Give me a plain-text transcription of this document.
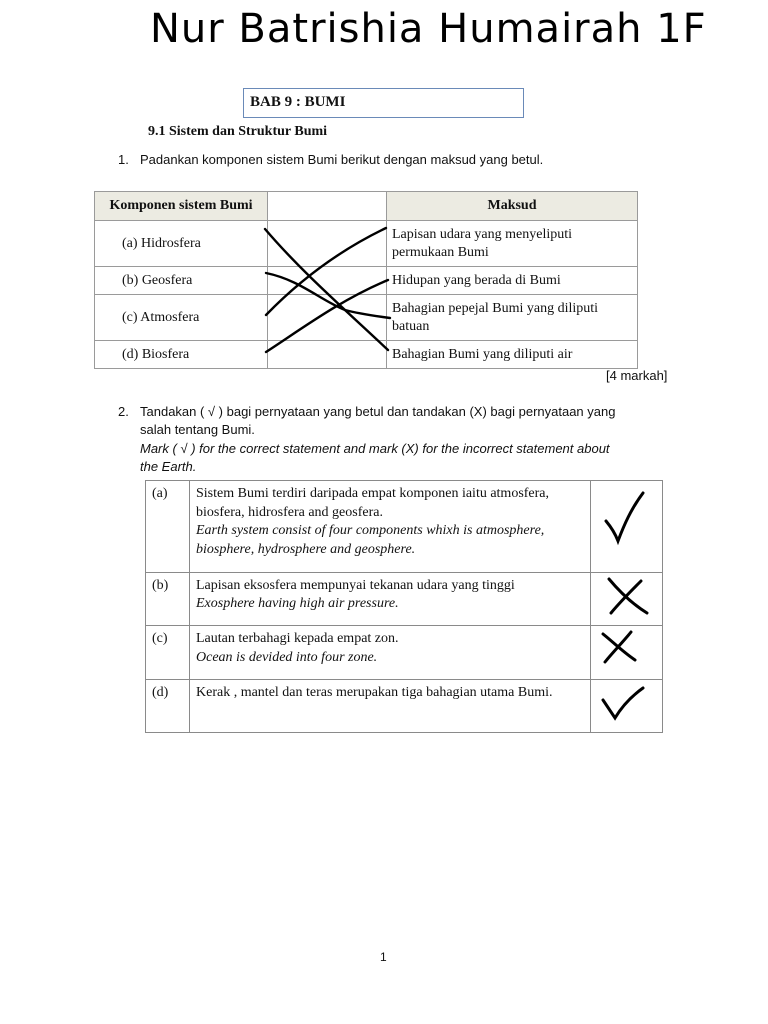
Nur Batrishia Humairah 1F
BAB 9 : BUMI
9.1 Sistem dan Struktur Bumi
1. Padankan komponen sistem Bumi berikut dengan maksud yang betul.
Komponen sistem Bumi		Maksud
(a) Hidrosfera		Lapisan udara yang menyeliputi permukaan Bumi
(b) Geosfera		Hidupan yang berada di Bumi
(c) Atmosfera		Bahagian pepejal Bumi yang diliputi batuan
(d) Biosfera		Bahagian Bumi yang diliputi air
[4 markah]
2. Tandakan ( √ ) bagi pernyataan yang betul dan tandakan (X) bagi pernyataan yang
salah tentang Bumi.
Mark ( √ ) for the correct statement and mark (X) for the incorrect statement about
the Earth.
(a)	Sistem Bumi terdiri daripada empat komponen iaitu atmosfera, biosfera, hidrosfera and geosfera.
Earth system consist of four components whixh is atmosphere, biosphere, hydrosphere and geosphere.	
(b)	Lapisan eksosfera mempunyai tekanan udara yang tinggi
Exosphere having high air pressure.	
(c)	Lautan terbahagi kepada empat zon.
Ocean is devided into four zone.	
(d)	Kerak , mantel dan teras merupakan tiga bahagian utama Bumi.

1
